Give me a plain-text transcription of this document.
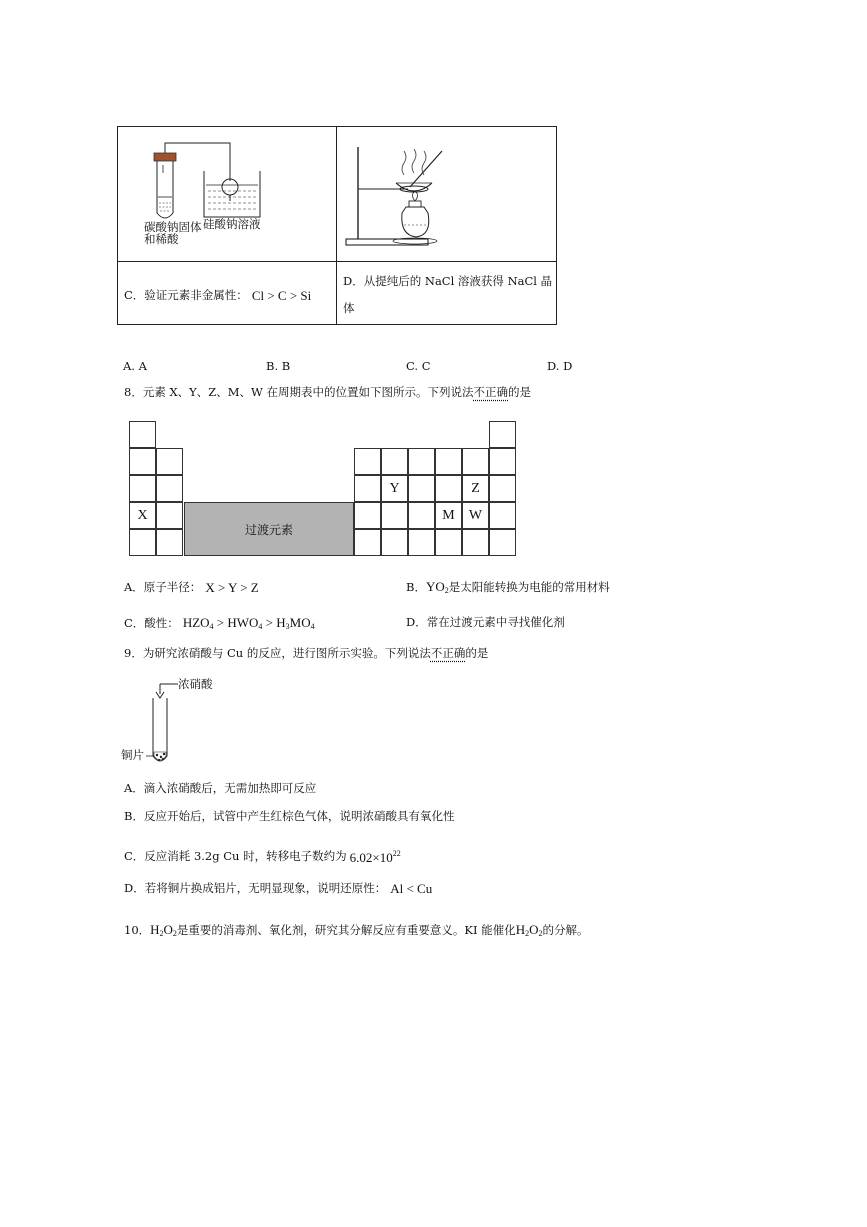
碳酸钠固体
和稀酸
硅酸钠溶液
C．验证元素非金属性： Cl > C > Si
D．从提纯后的 NaCl 溶液获得 NaCl 晶
体
A. A	B. B	C. C	D. D
8．元素 X、Y、Z、M、W 在周期表中的位置如下图所示。下列说法不正确的是
X
过渡元素
Y	Z
M W
A．原子半径： X > Y > Z	B． $YO_2$ 是太阳能转换为电能的常用材料
C．酸性： $HZO_4 > HWO_4 > H_3MO_4$	D．常在过渡元素中寻找催化剂
9．为研究浓硝酸与 Cu 的反应，进行图所示实验。下列说法不正确的是
浓硝酸
铜片
A．滴入浓硝酸后，无需加热即可反应
B．反应开始后，试管中产生红棕色气体，说明浓硝酸具有氧化性
C．反应消耗 3.2g Cu 时，转移电子数约为 $6.02\times 10^{22}$
D．若将铜片换成铝片，无明显现象，说明还原性： Al < Cu
10． $H_2O_2$ 是重要的消毒剂、氧化剂，研究其分解反应有重要意义。KI 能催化 $H_2O_2$ 的分解。
